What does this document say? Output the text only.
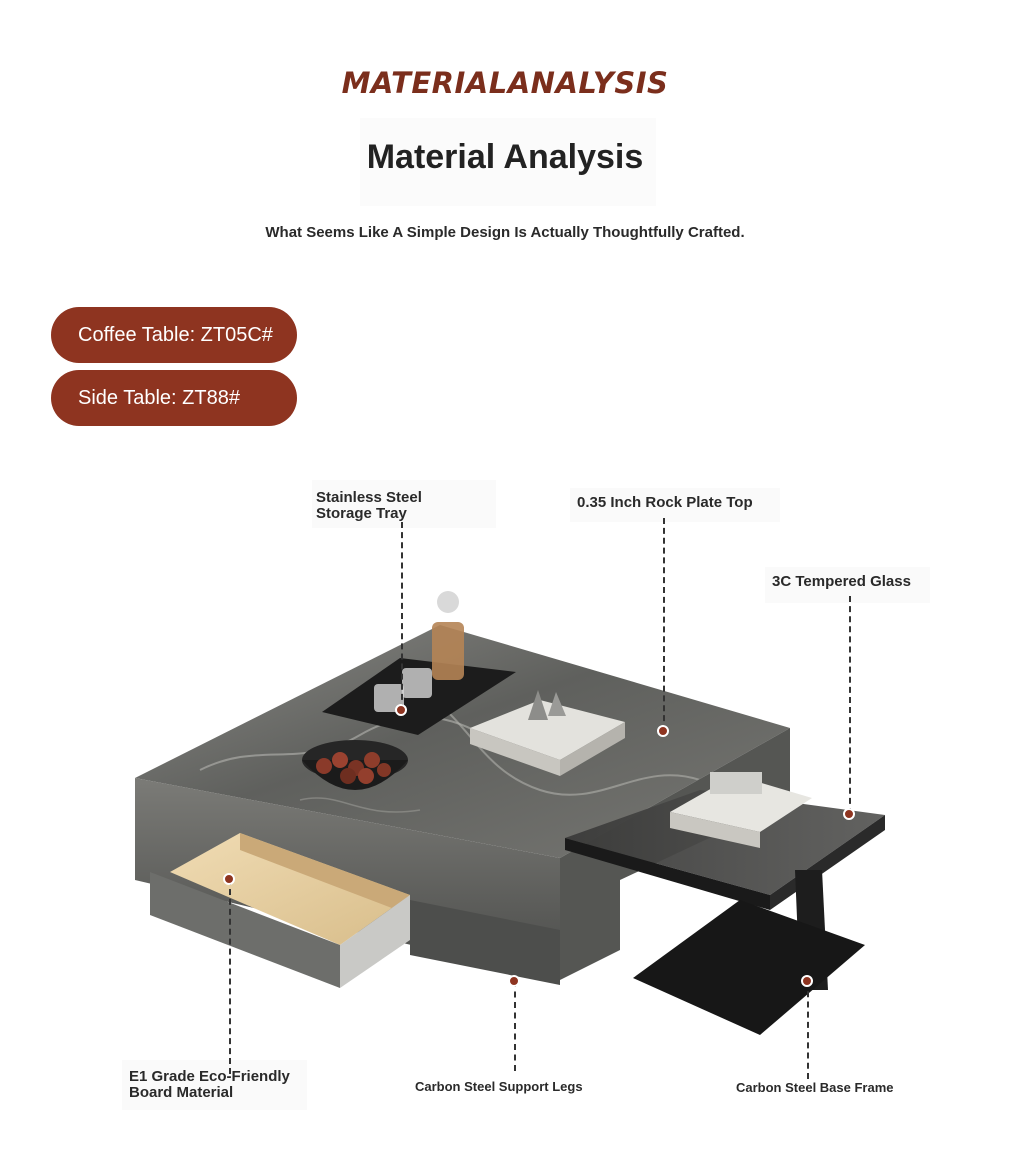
MATERIALANALYSIS
Material Analysis
What Seems Like A Simple Design Is Actually Thoughtfully Crafted.
Coffee Table: ZT05C#
Side Table: ZT88#
Stainless Steel
Storage Tray
0.35 Inch Rock Plate Top
3C Tempered Glass
E1 Grade Eco-Friendly
Board Material	Carbon Steel Support Legs	Carbon Steel Base Frame
